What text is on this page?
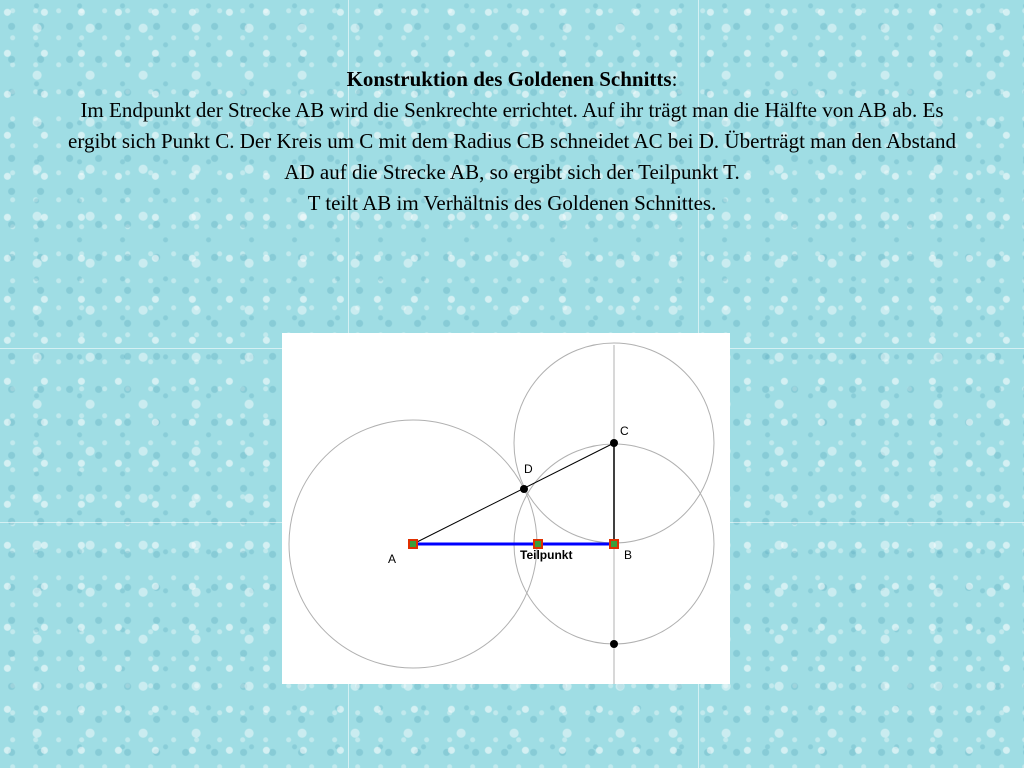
Konstruktion des Goldenen Schnitts:
Im Endpunkt der Strecke AB wird die Senkrechte errichtet. Auf ihr trägt man die Hälfte von AB ab. Es ergibt sich Punkt C. Der Kreis um C mit dem Radius CB schneidet AC bei D. Überträgt man den Abstand AD auf die Strecke AB, so ergibt sich der Teilpunkt T.
T teilt AB im Verhältnis des Goldenen Schnittes.
A	B
C
D
Teilpunkt
